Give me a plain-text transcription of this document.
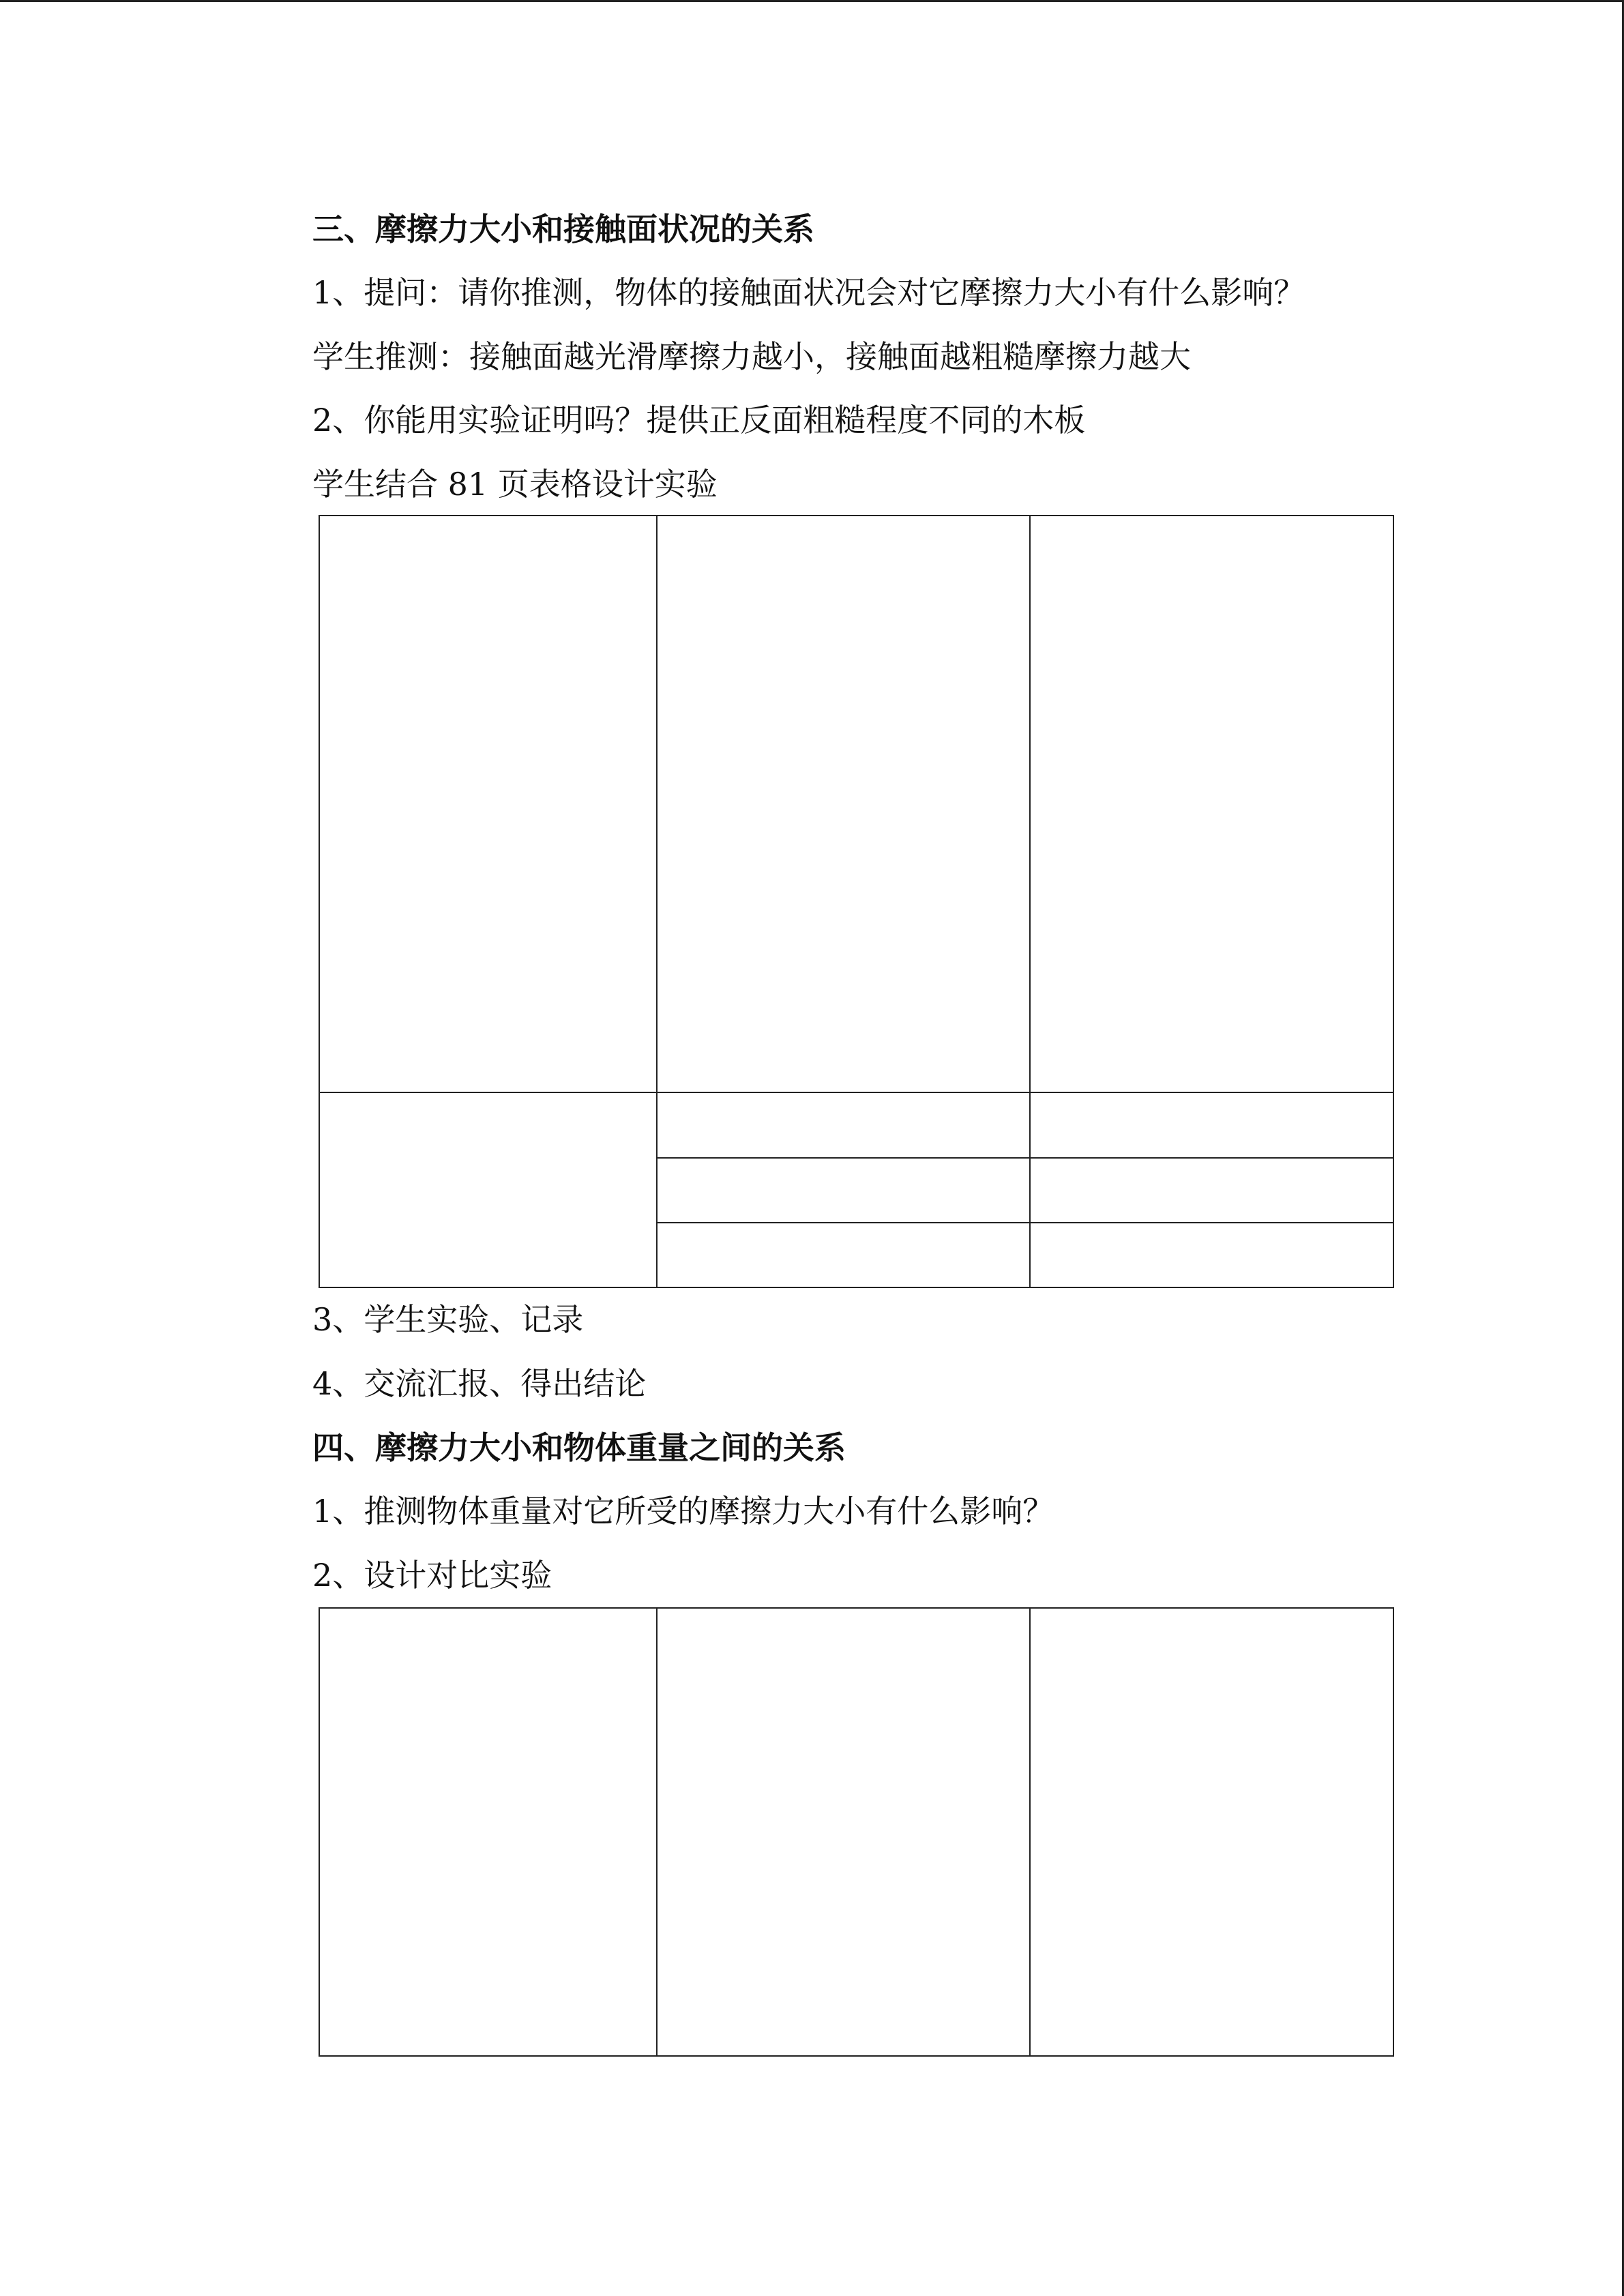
三、摩擦力大小和接触面状况的关系

1、提问：请你推测，物体的接触面状况会对它摩擦力大小有什么影响？

学生推测：接触面越光滑摩擦力越小，接触面越粗糙摩擦力越大

2、你能用实验证明吗？提供正反面粗糙程度不同的木板

学生结合 81 页表格设计实验

3、学生实验、记录

4、交流汇报、得出结论

四、摩擦力大小和物体重量之间的关系

1、推测物体重量对它所受的摩擦力大小有什么影响？

2、设计对比实验
